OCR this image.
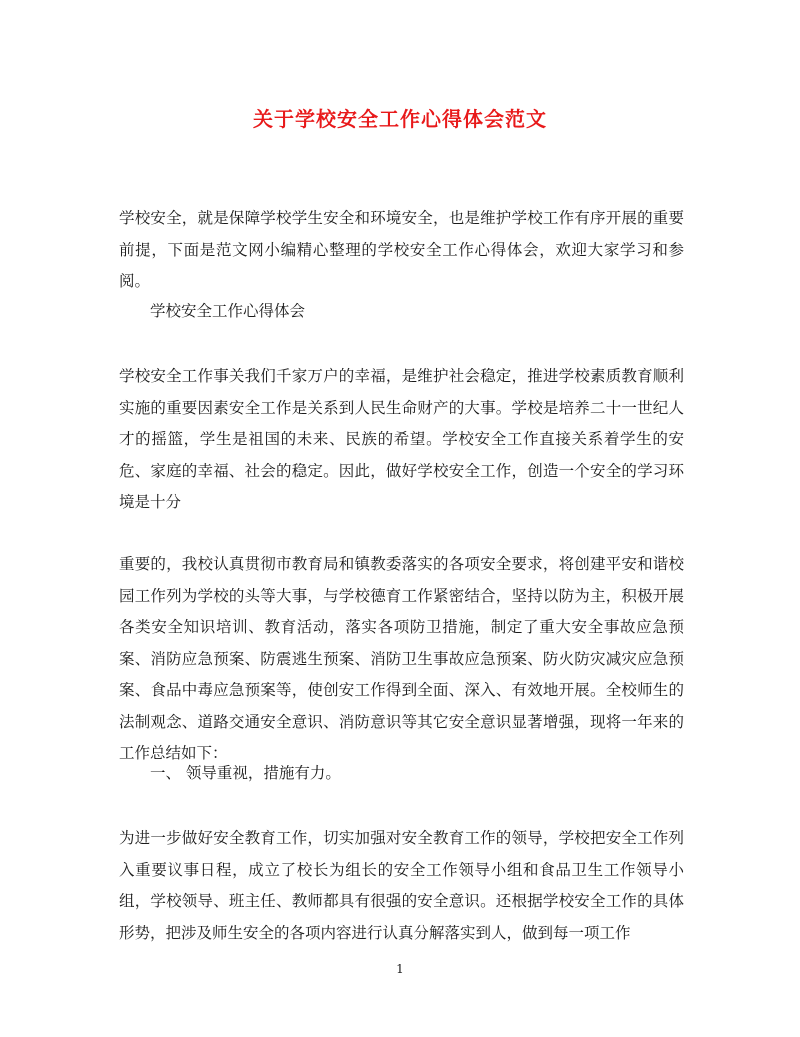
关于学校安全工作心得体会范文

学校安全，就是保障学校学生安全和环境安全，也是维护学校工作有序开展的重要前提，下面是范文网小编精心整理的学校安全工作心得体会，欢迎大家学习和参阅。

学校安全工作心得体会

学校安全工作事关我们千家万户的幸福，是维护社会稳定，推进学校素质教育顺利实施的重要因素安全工作是关系到人民生命财产的大事。学校是培养二十一世纪人才的摇篮，学生是祖国的未来、民族的希望。学校安全工作直接关系着学生的安危、家庭的幸福、社会的稳定。因此，做好学校安全工作，创造一个安全的学习环境是十分

重要的，我校认真贯彻市教育局和镇教委落实的各项安全要求，将创建平安和谐校园工作列为学校的头等大事，与学校德育工作紧密结合，坚持以防为主，积极开展各类安全知识培训、教育活动，落实各项防卫措施，制定了重大安全事故应急预案、消防应急预案、防震逃生预案、消防卫生事故应急预案、防火防灾减灾应急预案、食品中毒应急预案等，使创安工作得到全面、深入、有效地开展。全校师生的法制观念、道路交通安全意识、消防意识等其它安全意识显著增强，现将一年来的工作总结如下：

一、 领导重视，措施有力。

为进一步做好安全教育工作，切实加强对安全教育工作的领导，学校把安全工作列入重要议事日程，成立了校长为组长的安全工作领导小组和食品卫生工作领导小组，学校领导、班主任、教师都具有很强的安全意识。还根据学校安全工作的具体形势，把涉及师生安全的各项内容进行认真分解落实到人，做到每一项工作

1
